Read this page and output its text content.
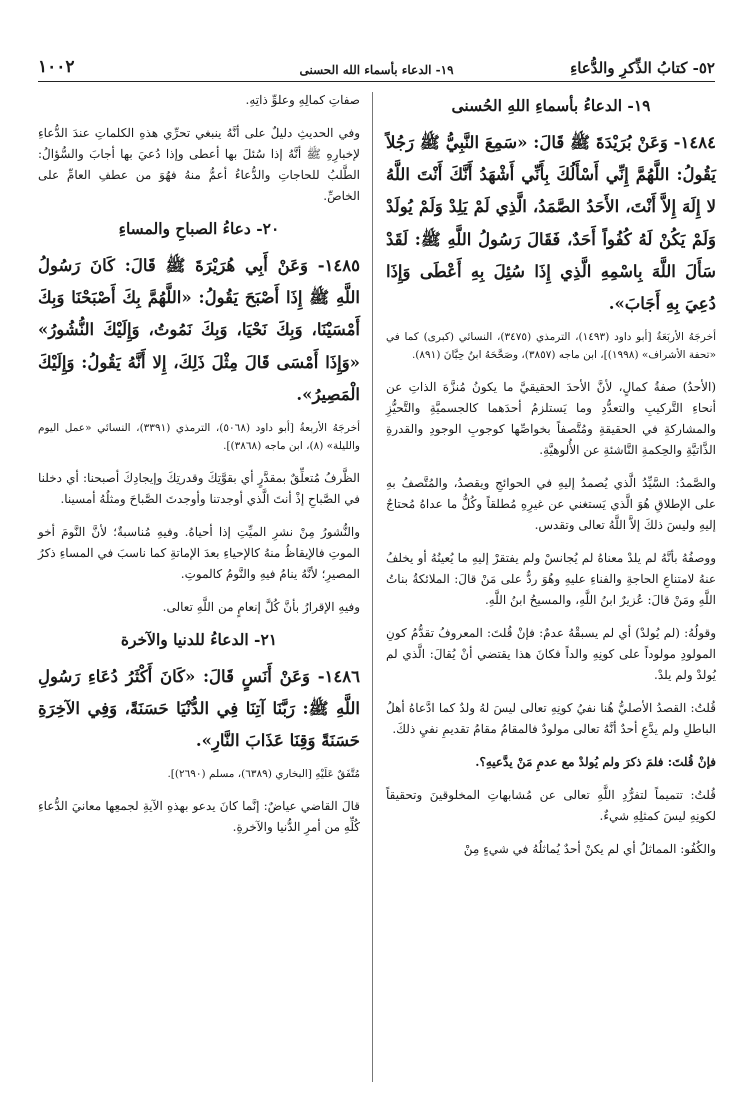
٥٢- كتابُ الذِّكرِ والدُّعاءِ
١٩- الدعاء بأسماء الله الحسنى
١٠٠٢
١٩- الدعاءُ بأسماءِ اللهِ الحُسنى

١٤٨٤- وَعَنْ بُرَيْدَةَ ﷺ قَالَ: «سَمِعَ النَّبِيُّ ﷺ رَجُلاً يَقُولُ: اللَّهُمَّ إِنِّي أَسْأَلُكَ بِأَنِّي أَشْهَدُ أَنَّكَ أَنْتَ اللَّهُ لا إِلَهَ إِلاَّ أَنْتَ، الأَحَدُ الصَّمَدُ، الَّذِي لَمْ يَلِدْ وَلَمْ يُولَدْ وَلَمْ يَكُنْ لَهُ كُفُواً أَحَدٌ، فَقَالَ رَسُولُ اللَّهِ ﷺ: لَقَدْ سَأَلَ اللَّهَ بِاسْمِهِ الَّذِي إِذَا سُئِلَ بِهِ أَعْطَى وَإِذَا دُعِيَ بِهِ أَجَابَ».

أخرجَهُ الأربَعَةُ [أبو داود (١٤٩٣)، الترمذي (٣٤٧٥)، النسائي (كبرى) كما في «تحفة الأشراف» (١٩٩٨)]، ابن ماجه (٣٨٥٧)، وصَحَّحَهُ ابنُ حِبَّانَ (٨٩١).

(الأحدُ) صفةُ كمالٍ، لأنَّ الأحدَ الحقيقيَّ ما يكونُ مُنزَّهَ الذاتِ عن أنحاءِ التَّركيبِ والتعدُّدِ وما يَستلزمُ أحدَهما كالجسميَّةِ والتَّحيُّزِ والمشاركةِ في الحقيقةِ ومُتَّصفاً بخواصِّها كوجوبِ الوجودِ والقدرةِ الذَّاتيَّةِ والحِكمةِ النَّاشئةِ عن الأُلوهيَّةِ.

والصَّمدُ: السَّيِّدُ الَّذي يُصمدُ إليهِ في الحوائجِ ويقصدُ، والمُتَّصفُ بهِ على الإطلاقِ هُوَ الَّذي يَستغني عن غيرِهِ مُطلقاً وكُلُّ ما عداهُ مُحتاجٌ إليهِ وليسَ ذلكَ إلاَّ اللَّهُ تعالى وتقدس.

ووصفُهُ بأنَّهُ لم يلدْ معناهُ لم يُجانسْ ولم يفتقرْ إليهِ ما يُعينُهُ أو يخلفُ عنهُ لامتناعِ الحاجةِ والفناءِ عليهِ وهُوَ ردٌّ على مَنْ قالَ: الملائكةُ بناتُ اللَّهِ ومَنْ قالَ: عُزيرٌ ابنُ اللَّهِ، والمسيحُ ابنُ اللَّهِ.

وقولُهُ: (لم يُولدْ) أي لم يسبقْهُ عدمٌ: فإنْ قُلتَ: المعروفُ تقدُّمُ كونِ المولودِ مولوداً على كونِهِ والداً فكانَ هذا يقتضي أنْ يُقالَ: الَّذي لم يُولدْ ولم يلدْ.

قُلتُ: القصدُ الأصليُّ هُنا نفيُ كونِهِ تعالى ليسَ لهُ ولدٌ كما ادَّعاهُ أهلُ الباطلِ ولم يدَّعِ أحدٌ أنَّهُ تعالى مولودٌ فالمقامُ مقامُ تقديمِ نفيِ ذلكَ.

فإنْ قُلتَ: فلمَ ذكرَ ولم يُولدْ مع عدمِ مَنْ يدَّعيهِ؟.

قُلتُ: تتميماً لتفرُّدِ اللَّهِ تعالى عن مُشابهاتِ المخلوقينَ وتحقيقاً لكونِهِ ليسَ كمثلِهِ شيءٌ.

والكُفُو: المماثلُ أي لم يكنْ أحدٌ يُماثلُهُ في شيءٍ مِنْ

صفاتِ كمالِهِ وعلوِّ ذاتِهِ.

وفي الحديثِ دليلٌ على أنَّهُ ينبغي تحرِّي هذهِ الكلماتِ عندَ الدُّعاءِ لإخبارِهِ ﷺ أنَّهُ إذا سُئلَ بها أعطى وإذا دُعيَ بها أجابَ والسُّؤالُ: الطَّلبُ للحاجاتِ والدُّعاءُ أعمُّ منهُ فهُوَ من عطفِ العامِّ على الخاصِّ.

٢٠- دعاءُ الصباحِ والمساءِ

١٤٨٥- وَعَنْ أَبِي هُرَيْرَةَ ﷺ قَالَ: كَانَ رَسُولُ اللَّهِ ﷺ إِذَا أَصْبَحَ يَقُولُ: «اللَّهُمَّ بِكَ أَصْبَحْنَا وَبِكَ أَمْسَيْنَا، وَبِكَ نَحْيَا، وَبِكَ نَمُوتُ، وَإِلَيْكَ النُّشُورُ» «وَإِذَا أَمْسَى قَالَ مِثْلَ ذَلِكَ، إِلا أَنَّهُ يَقُولُ: وَإِلَيْكَ الْمَصِيرُ».

أخرجَهُ الأربعةُ [أبو داود (٥٠٦٨)، الترمذي (٣٣٩١)، النسائي «عمل اليوم والليلة» (٨)، ابن ماجه (٣٨٦٨)].

الظَّرفُ مُتعلِّقٌ بمقدَّرٍ أي بقوَّتِكَ وقدرتِكَ وإيجادِكَ أصبحنا: أي دخلنا في الصَّباحِ إذْ أنتَ الَّذي أوجدتنا وأوجدتَ الصَّباحَ ومثلُهُ أمسينا.

والنُّشورُ مِنْ نشرِ الميِّتِ إذا أحياهُ. وفيهِ مُناسبةٌ؛ لأنَّ النَّومَ أخو الموتِ فالإيقاظُ منهُ كالإحياءِ بعدَ الإماتةِ كما ناسبَ في المساءِ ذكرُ المصيرِ؛ لأنَّهُ ينامُ فيهِ والنَّومُ كالموتِ.

وفيهِ الإقرارُ بأنَّ كُلَّ إنعامٍ من اللَّهِ تعالى.

٢١- الدعاءُ للدنيا والآخرة

١٤٨٦- وَعَنْ أَنَسٍ قَالَ: «كَانَ أَكْثَرُ دُعَاءِ رَسُولِ اللَّهِ ﷺ: رَبَّنَا آتِنَا فِي الدُّنْيَا حَسَنَةً، وَفِي الآخِرَةِ حَسَنَةً وَقِنَا عَذَابَ النَّارِ».

مُتَّفَقٌ عَلَيْهِ [البخاري (٦٣٨٩)، مسلم (٢٦٩٠)].

قالَ القاضي عياضٌ: إنَّما كانَ يدعو بهذهِ الآيةِ لجمعِها معانيَ الدُّعاءِ كُلِّهِ من أمرِ الدُّنيا والآخرةِ.
